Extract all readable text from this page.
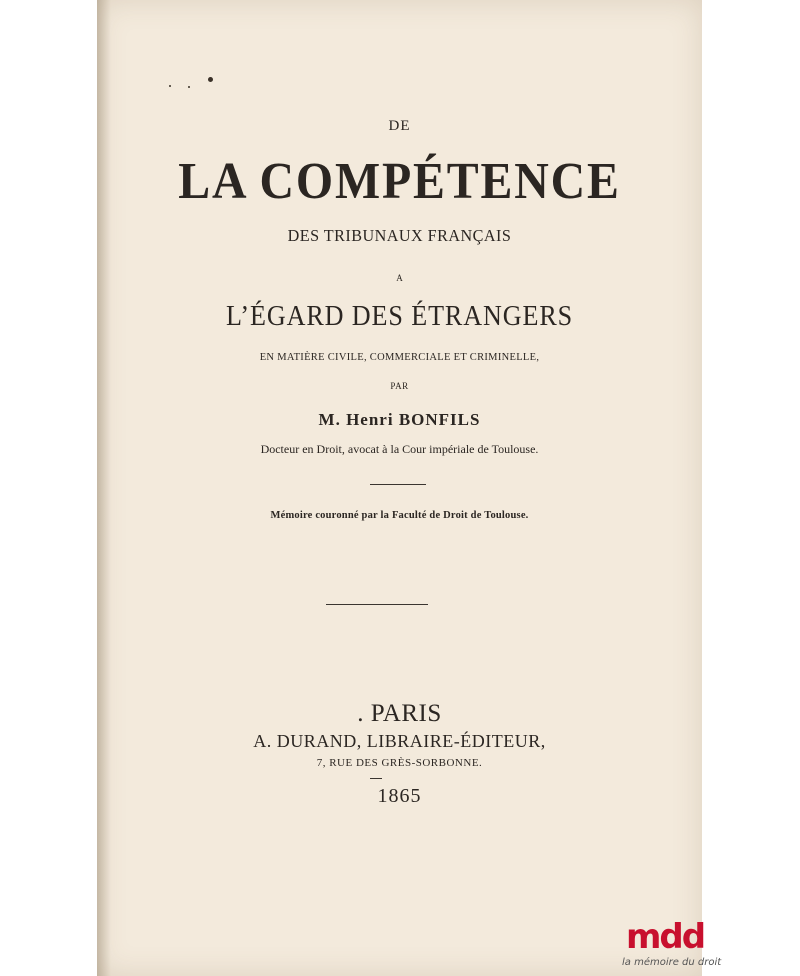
DE
LA COMPÉTENCE
DES TRIBUNAUX FRANÇAIS
A
L’ÉGARD DES ÉTRANGERS
EN MATIÈRE CIVILE, COMMERCIALE ET CRIMINELLE,
PAR
M. Henri BONFILS
Docteur en Droit, avocat à la Cour impériale de Toulouse.
Mémoire couronné par la Faculté de Droit de Toulouse.
. PARIS
A. DURAND, LIBRAIRE-ÉDITEUR,
7, RUE DES GRÈS-SORBONNE.
1865
mdd
la mémoire du droit
